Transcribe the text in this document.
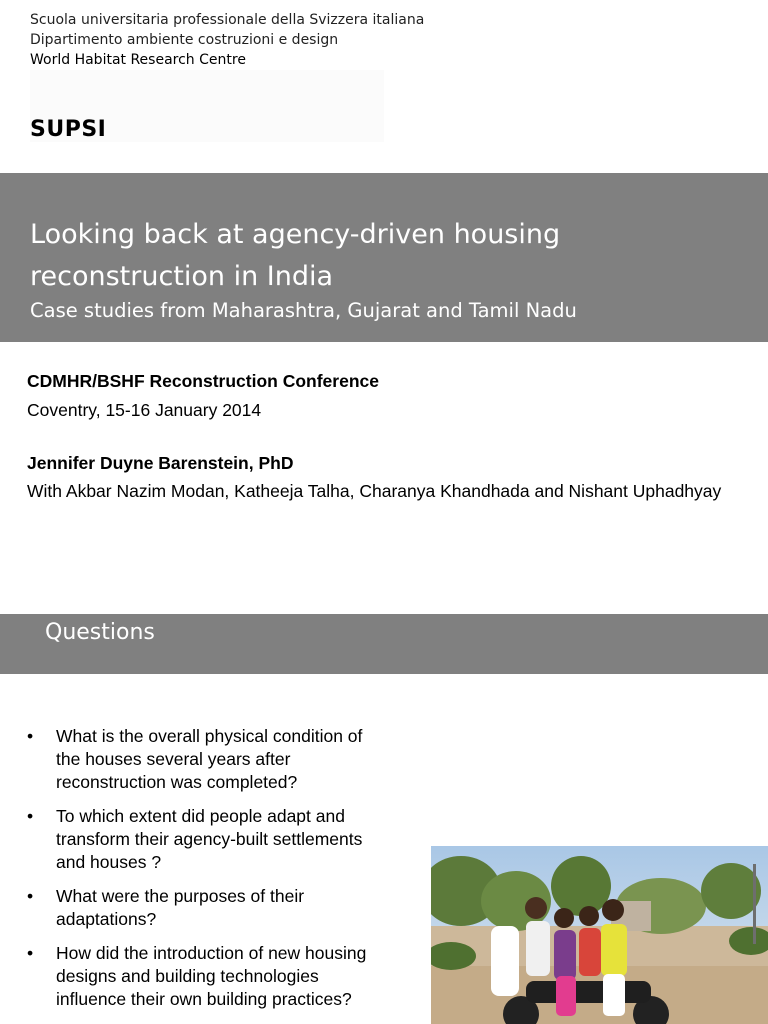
Scuola universitaria professionale della Svizzera italiana
Dipartimento ambiente costruzioni e design
World Habitat Research Centre
SUPSI
Looking back at agency-driven housing reconstruction in India
Case studies from Maharashtra, Gujarat and Tamil Nadu
CDMHR/BSHF Reconstruction Conference
Coventry, 15-16 January 2014
Jennifer Duyne Barenstein, PhD
With Akbar Nazim Modan, Katheeja Talha, Charanya Khandhada and Nishant Uphadhyay
Questions
• What is the overall physical condition of the houses several years after reconstruction was completed?
• To which extent did people adapt and transform their agency-built settlements and houses ?
• What were the purposes of their adaptations?
• How did the introduction of new housing designs and building technologies influence their own building practices?
